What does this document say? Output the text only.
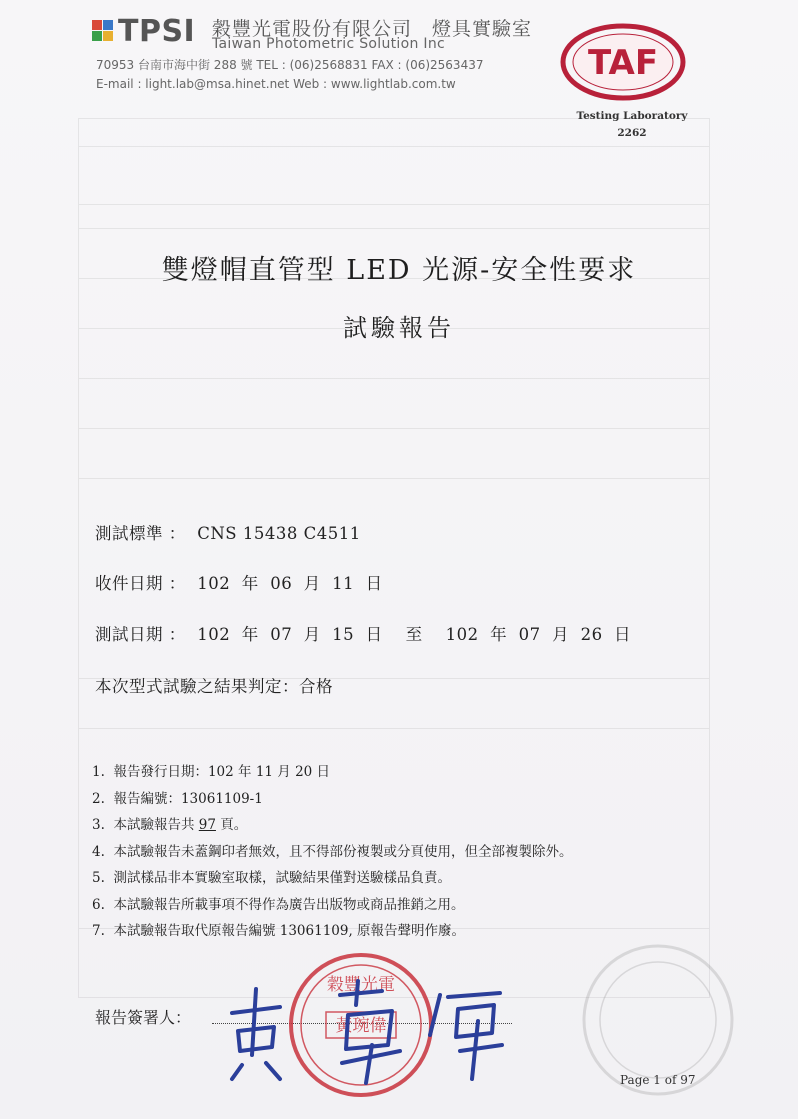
TPSI 穀豐光電股份有限公司　燈具實驗室
Taiwan Photometric Solution Inc
70953 台南市海中街 288 號 TEL : (06)2568831 FAX : (06)2563437
E-mail : light.lab@msa.hinet.net Web : www.lightlab.com.tw
TAF
Testing Laboratory
2262
雙燈帽直管型 LED 光源-安全性要求
試驗報告
測試標準 ：  CNS 15438 C4511
收件日期 ：  102  年  06  月  11  日
測試日期 ：  102  年  07  月  15  日    至    102  年  07  月  26  日
本次型式試驗之結果判定：合格
1.  報告發行日期：102 年 11 月 20 日
2.  報告編號：13061109-1
3.  本試驗報告共 97 頁。
4.  本試驗報告未蓋鋼印者無效，且不得部份複製或分頁使用，但全部複製除外。
5.  測試樣品非本實驗室取樣，試驗結果僅對送驗樣品負責。
6.  本試驗報告所載事項不得作為廣告出版物或商品推銷之用。
7.  本試驗報告取代原報告編號 13061109, 原報告聲明作廢。
報告簽署人：
穀豐光電
黃琬偉
Page 1 of 97
